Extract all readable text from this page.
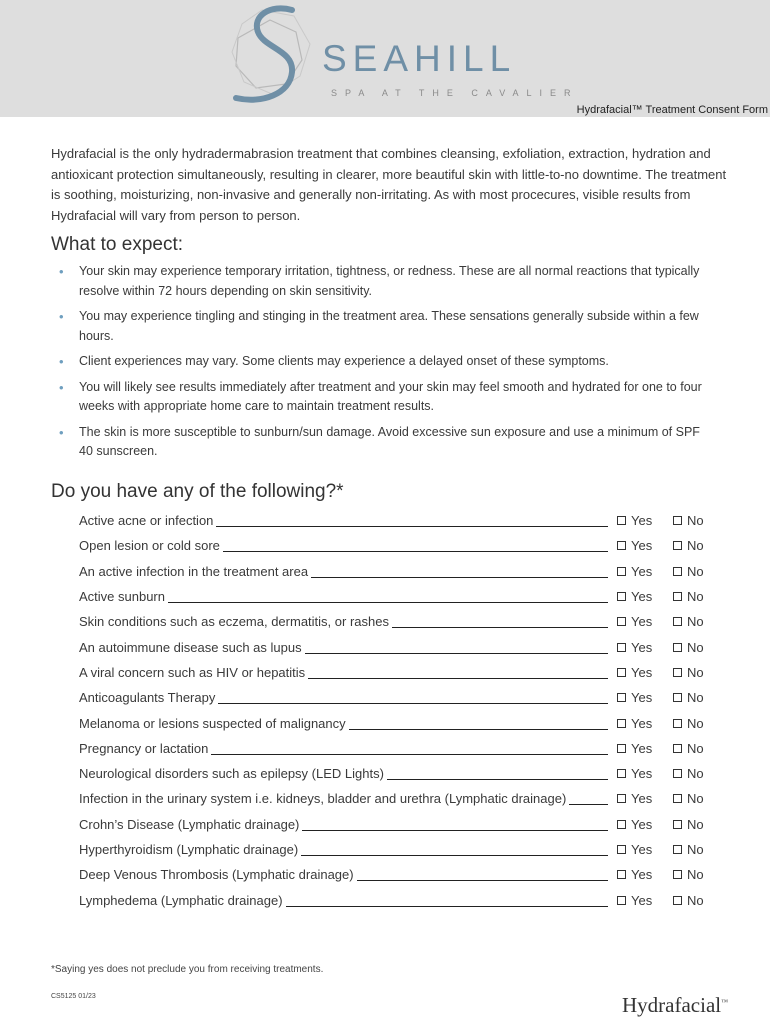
SEAHILL
SPA AT THE CAVALIER
Hydrafacial™ Treatment Consent Form

Hydrafacial is the only hydradermabrasion treatment that combines cleansing, exfoliation, extraction, hydration and antioxicant protection simultaneously, resulting in clearer, more beautiful skin with little-to-no downtime. The treatment is soothing, moisturizing, non-invasive and generally non-irritating. As with most procecures, visible results from Hydrafacial will vary from person to person.

What to expect:
• Your skin may experience temporary irritation, tightness, or redness. These are all normal reactions that typically resolve within 72 hours depending on skin sensitivity.
• You may experience tingling and stinging in the treatment area. These sensations generally subside within a few hours.
• Client experiences may vary. Some clients may experience a delayed onset of these symptoms.
• You will likely see results immediately after treatment and your skin may feel smooth and hydrated for one to four weeks with appropriate home care to maintain treatment results.
• The skin is more susceptible to sunburn/sun damage. Avoid excessive sun exposure and use a minimum of SPF 40 sunscreen.
Do you have any of the following?*
Active acne or infection	Yes	No
Open lesion or cold sore	Yes	No
An active infection in the treatment area	Yes	No
Active sunburn	Yes	No
Skin conditions such as eczema, dermatitis, or rashes	Yes	No
An autoimmune disease such as lupus	Yes	No
A viral concern such as HIV or hepatitis	Yes	No
Anticoagulants Therapy	Yes	No
Melanoma or lesions suspected of malignancy	Yes	No
Pregnancy or lactation	Yes	No
Neurological disorders such as epilepsy (LED Lights)	Yes	No
Infection in the urinary system i.e. kidneys, bladder and urethra (Lymphatic drainage)	Yes	No
Crohn’s Disease (Lymphatic drainage)	Yes	No
Hyperthyroidism (Lymphatic drainage)	Yes	No
Deep Venous Thrombosis (Lymphatic drainage)	Yes	No
Lymphedema (Lymphatic drainage)	Yes	No
*Saying yes does not preclude you from receiving treatments.
CS5125 01/23	Hydrafacial™
